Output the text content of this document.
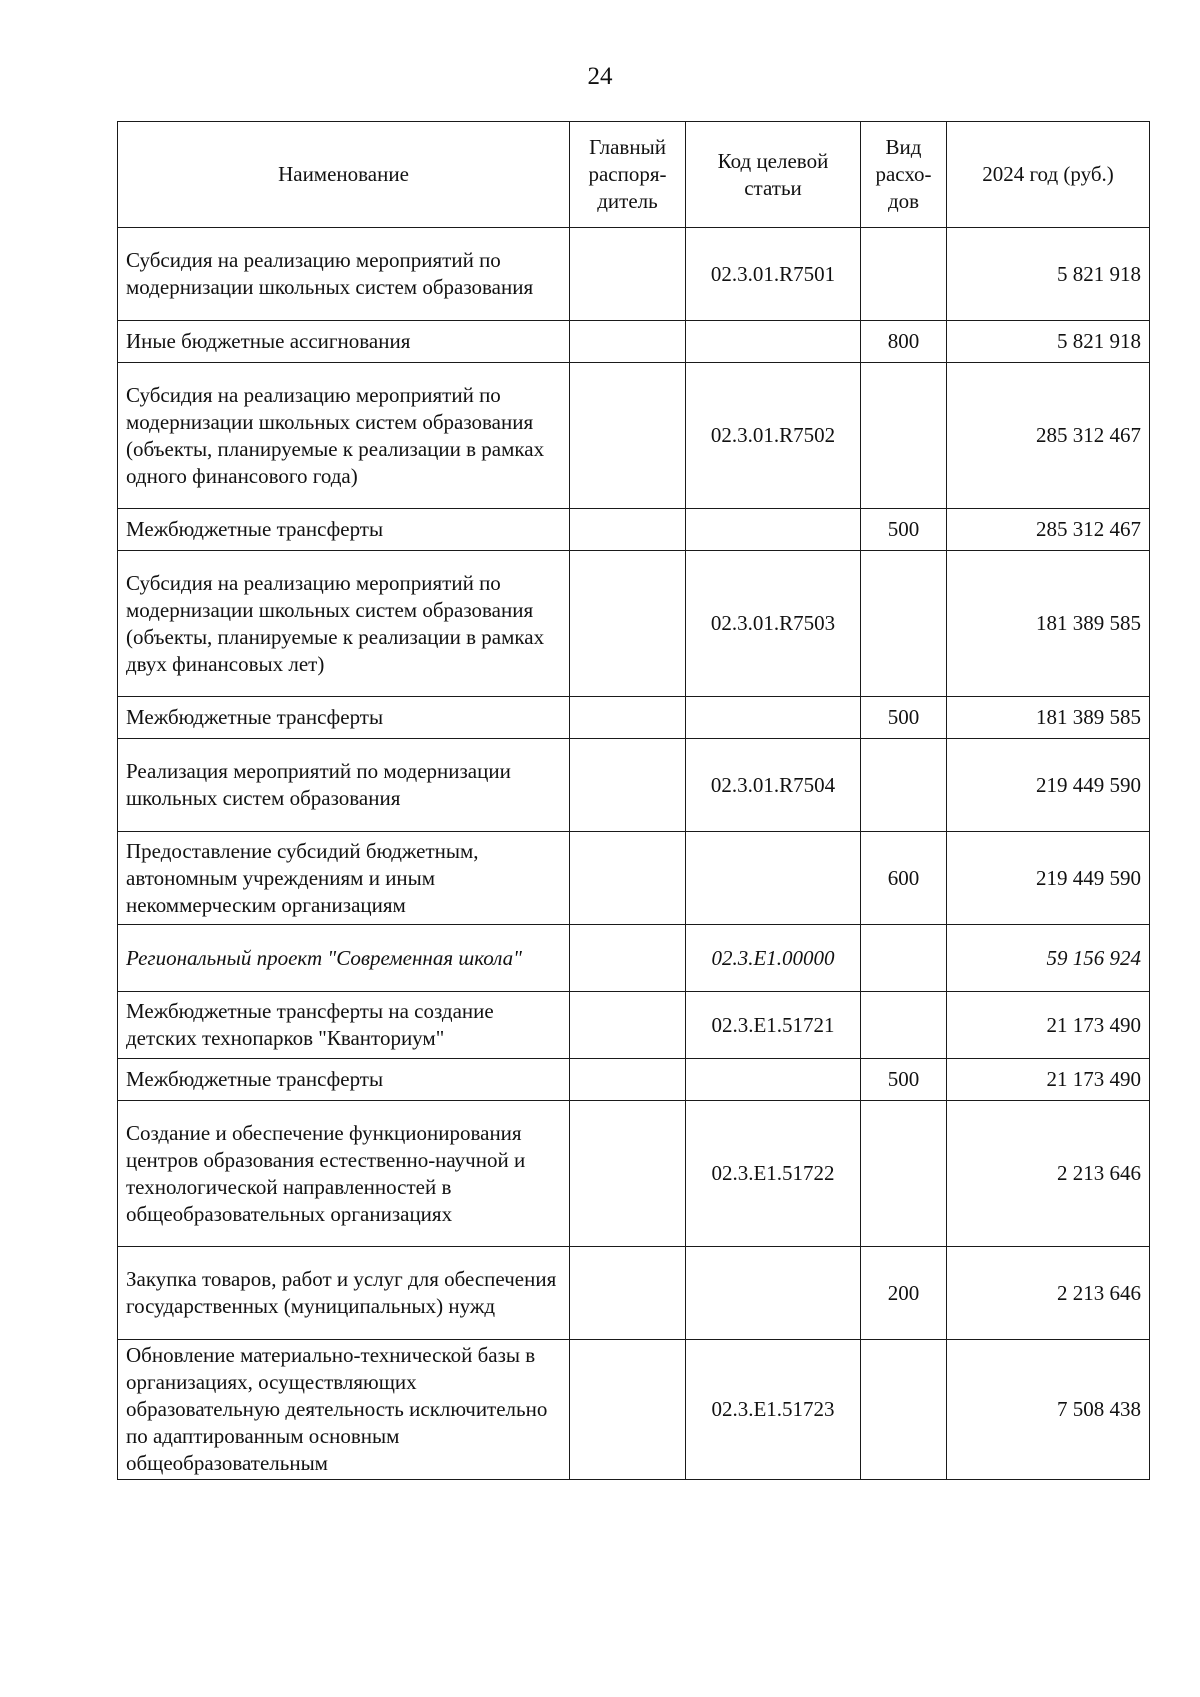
24
Наименование	Главный распоря-дитель	Код целевой статьи	Вид расхо-дов	2024 год (руб.)
Субсидия на реализацию мероприятий по модернизации школьных систем образования		02.3.01.R7501		5 821 918
Иные бюджетные ассигнования			800	5 821 918
Субсидия на реализацию мероприятий по модернизации школьных систем образования (объекты, планируемые к реализации в рамках одного финансового года)		02.3.01.R7502		285 312 467
Межбюджетные трансферты			500	285 312 467
Субсидия на реализацию мероприятий по модернизации школьных систем образования (объекты, планируемые к реализации в рамках двух финансовых лет)		02.3.01.R7503		181 389 585
Межбюджетные трансферты			500	181 389 585
Реализация мероприятий по модернизации школьных систем образования		02.3.01.R7504		219 449 590
Предоставление субсидий бюджетным, автономным учреждениям и иным некоммерческим организациям			600	219 449 590
Региональный проект "Современная школа"		02.3.E1.00000		59 156 924
Межбюджетные трансферты на создание детских технопарков "Кванториум"		02.3.E1.51721		21 173 490
Межбюджетные трансферты			500	21 173 490
Создание и обеспечение функционирования центров образования естественно-научной и технологической направленностей в общеобразовательных организациях		02.3.E1.51722		2 213 646
Закупка товаров, работ и услуг для обеспечения государственных (муниципальных) нужд			200	2 213 646
Обновление материально-технической базы в организациях, осуществляющих образовательную деятельность исключительно по адаптированным основным общеобразовательным		02.3.E1.51723		7 508 438
